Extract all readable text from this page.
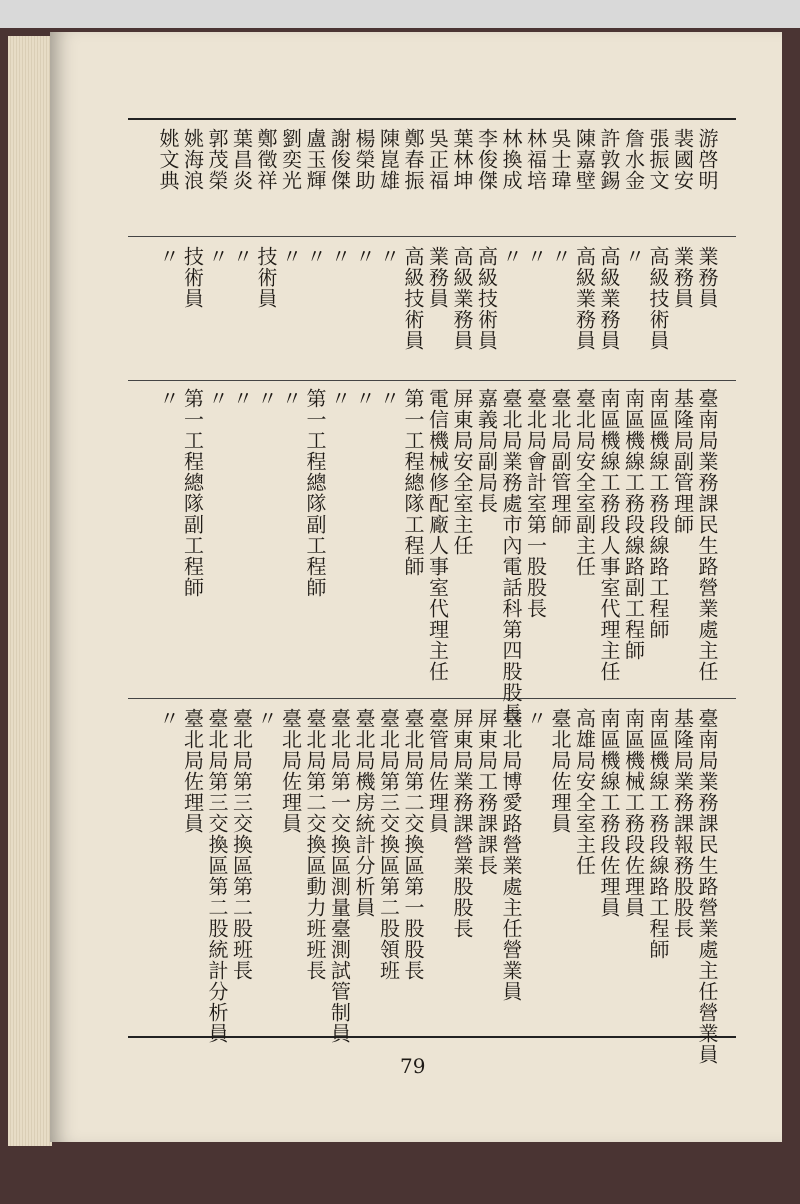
游啓明
裴國安
張振文
詹水金
許敦錫
陳嘉壁
吳士瑋
林福培
林換成
李俊傑
葉林坤
吳正福
鄭春振
陳崑雄
楊榮助
謝俊傑
盧玉輝
劉奕光
鄭徵祥
葉昌炎
郭茂榮
姚海浪
姚文典
業務員
業務員
高級技術員
〃
高級業務員
高級業務員
〃
〃
〃
高級技術員
高級業務員
業務員
高級技術員
〃
〃
〃
〃
〃
技術員
〃
〃
技術員
〃
臺南局業務課民生路營業處主任
基隆局副管理師
南區機線工務段線路工程師
南區機線工務段線路副工程師
南區機線工務段人事室代理主任
臺北局安全室副主任
臺北局副管理師
臺北局會計室第一股股長
臺北局業務處市內電話科第四股股長
嘉義局副局長
屏東局安全室主任
電信機械修配廠人事室代理主任
第一工程總隊工程師
〃
〃
〃
第一工程總隊副工程師
〃
〃
〃
〃
第一工程總隊副工程師
〃
臺南局業務課民生路營業處主任營業員
基隆局業務課報務股股長
南區機線工務段線路工程師
南區機械工務段佐理員
南區機線工務段佐理員
高雄局安全室主任
臺北局佐理員
〃
臺北局博愛路營業處主任營業員
屏東局工務課課長
屏東局業務課營業股股長
臺管局佐理員
臺北局第二交換區第一股股長
臺北局第三交換區第二股領班
臺北局機房統計分析員
臺北局第一交換區測量臺測試管制員
臺北局第二交換區動力班班長
臺北局佐理員
〃
臺北局第三交換區第二股班長
臺北局第三交換區第二股統計分析員
臺北局佐理員
〃
79
